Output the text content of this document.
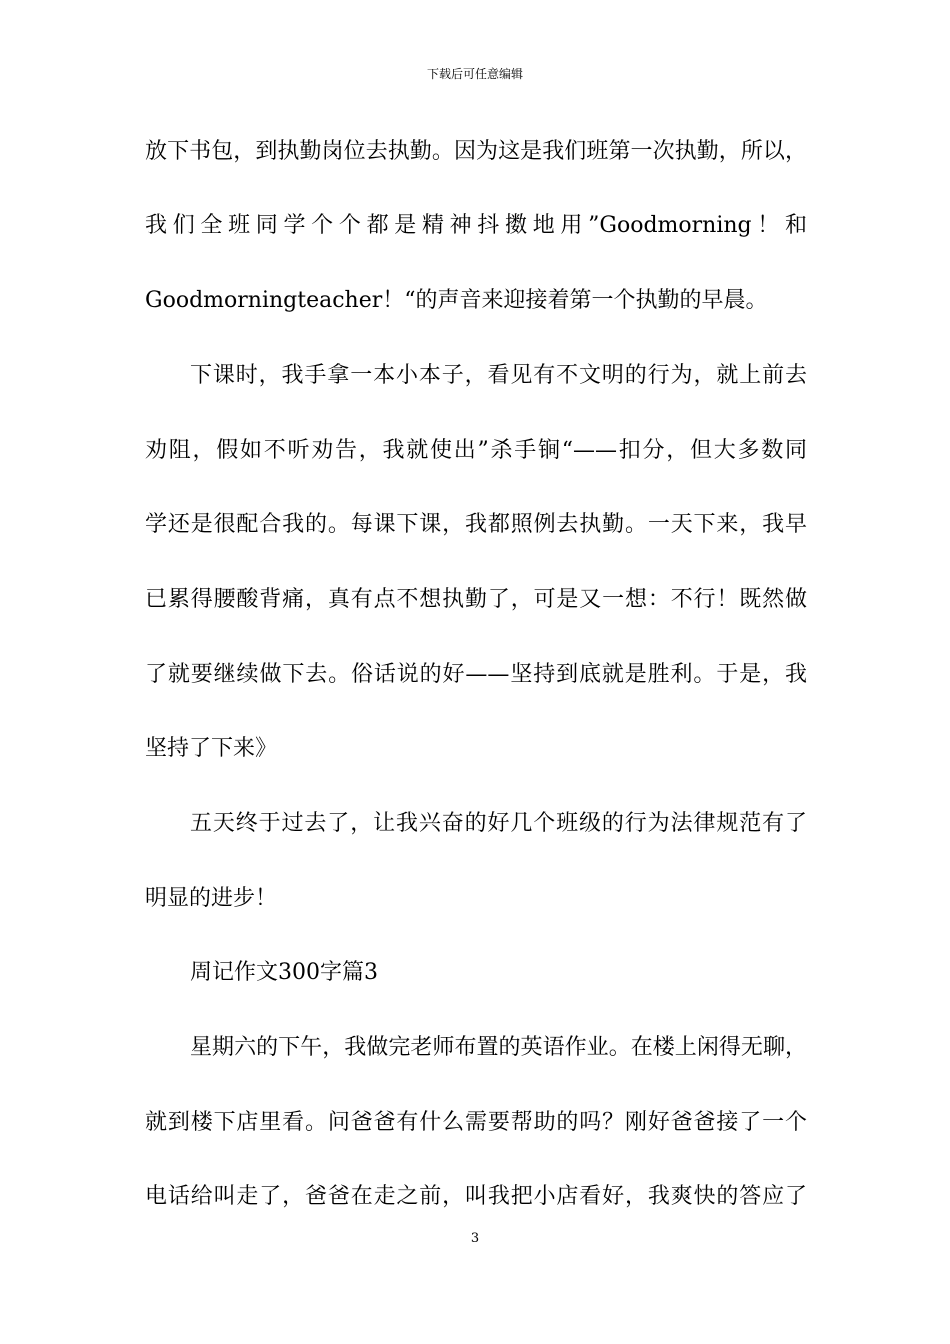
下载后可任意编辑
放下书包，到执勤岗位去执勤。因为这是我们班第一次执勤，所以，
我们全班同学个个都是精神抖擞地用”Goodmorning！和
Goodmorningteacher！“的声音来迎接着第一个执勤的早晨。
下课时，我手拿一本小本子，看见有不文明的行为，就上前去
劝阻，假如不听劝告，我就使出”杀手锏“——扣分，但大多数同
学还是很配合我的。每课下课，我都照例去执勤。一天下来，我早
已累得腰酸背痛，真有点不想执勤了，可是又一想：不行！既然做
了就要继续做下去。俗话说的好——坚持到底就是胜利。于是，我
坚持了下来》
五天终于过去了，让我兴奋的好几个班级的行为法律规范有了
明显的进步！
周记作文300字篇3
星期六的下午，我做完老师布置的英语作业。在楼上闲得无聊，
就到楼下店里看。问爸爸有什么需要帮助的吗？刚好爸爸接了一个
电话给叫走了，爸爸在走之前，叫我把小店看好，我爽快的答应了
3
